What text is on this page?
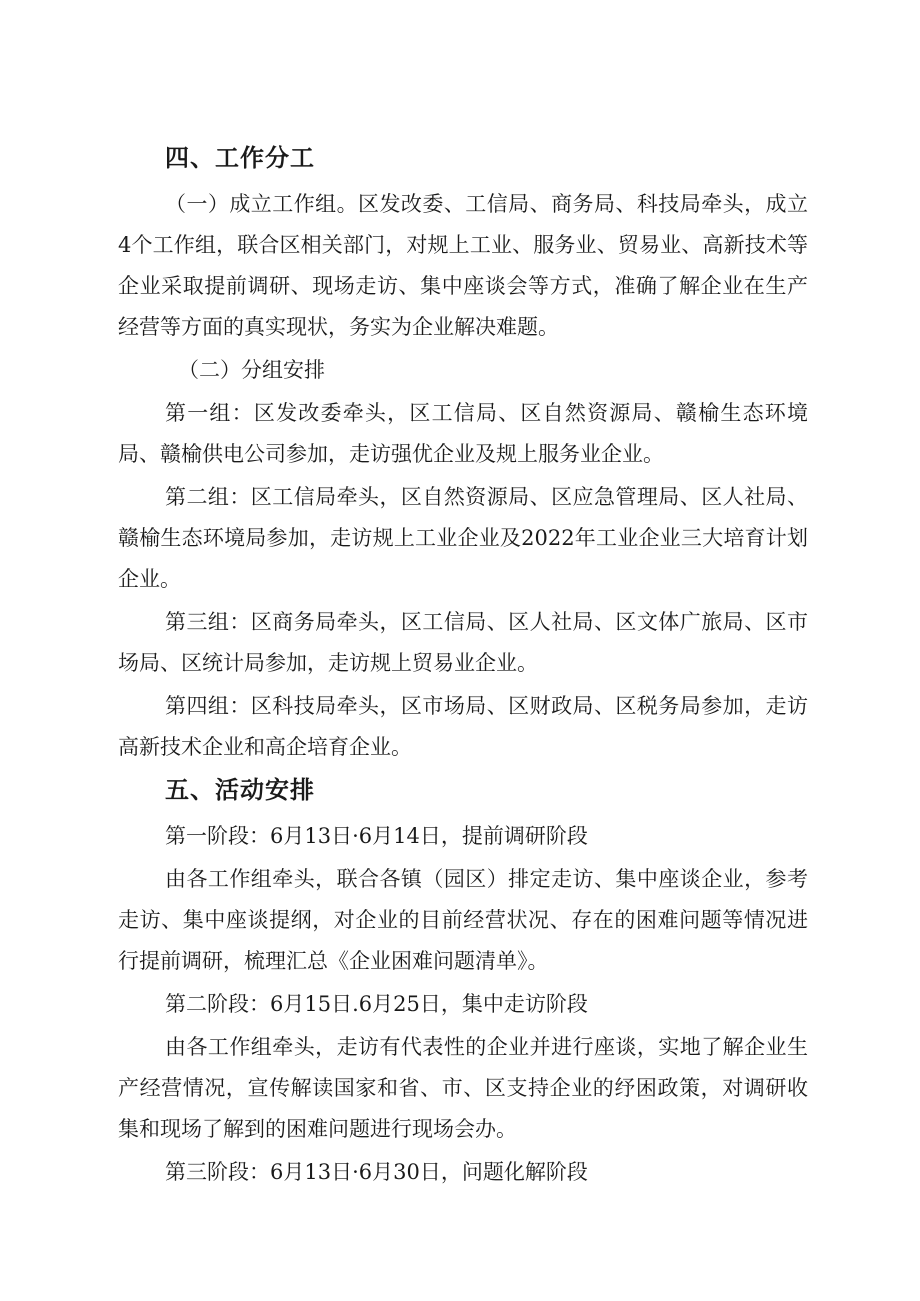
四、工作分工

（一）成立工作组。区发改委、工信局、商务局、科技局牵头，成立4个工作组，联合区相关部门，对规上工业、服务业、贸易业、高新技术等企业采取提前调研、现场走访、集中座谈会等方式，准确了解企业在生产经营等方面的真实现状，务实为企业解决难题。

（二）分组安排

第一组：区发改委牵头，区工信局、区自然资源局、赣榆生态环境局、赣榆供电公司参加，走访强优企业及规上服务业企业。

第二组：区工信局牵头，区自然资源局、区应急管理局、区人社局、赣榆生态环境局参加，走访规上工业企业及2022年工业企业三大培育计划企业。

第三组：区商务局牵头，区工信局、区人社局、区文体广旅局、区市场局、区统计局参加，走访规上贸易业企业。

第四组：区科技局牵头，区市场局、区财政局、区税务局参加，走访高新技术企业和高企培育企业。

五、活动安排

第一阶段：6月13日·6月14日，提前调研阶段

由各工作组牵头，联合各镇（园区）排定走访、集中座谈企业，参考走访、集中座谈提纲，对企业的目前经营状况、存在的困难问题等情况进行提前调研，梳理汇总《企业困难问题清单》。

第二阶段：6月15日.6月25日，集中走访阶段

由各工作组牵头，走访有代表性的企业并进行座谈，实地了解企业生产经营情况，宣传解读国家和省、市、区支持企业的纾困政策，对调研收集和现场了解到的困难问题进行现场会办。

第三阶段：6月13日·6月30日，问题化解阶段
